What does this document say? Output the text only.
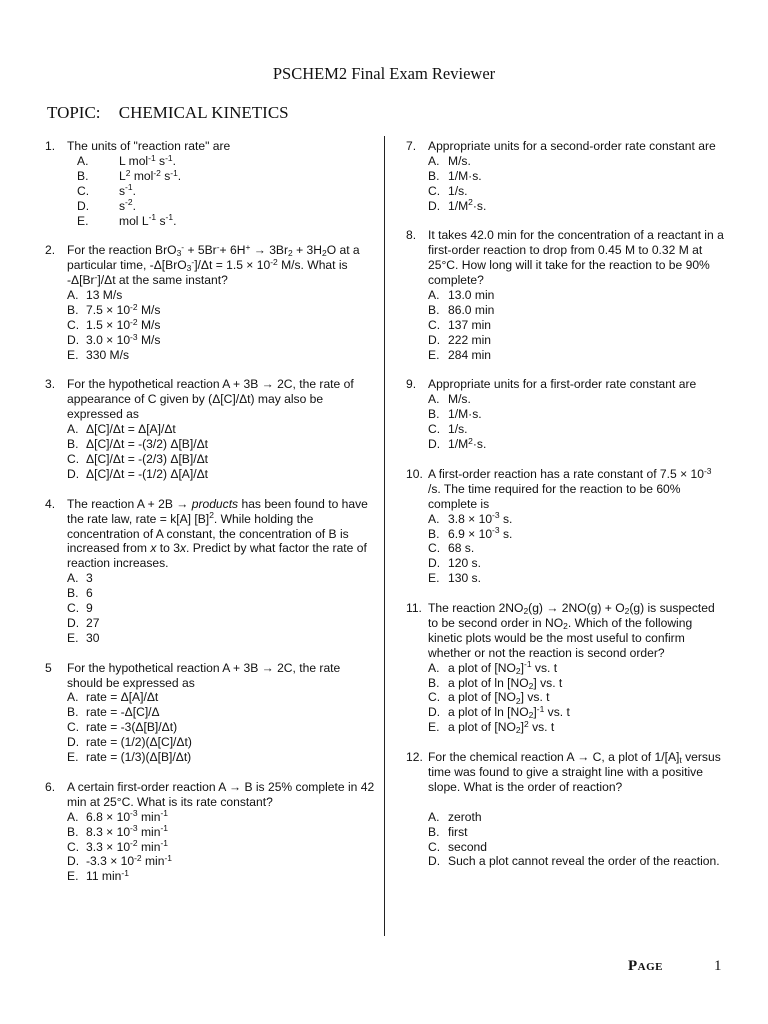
PSCHEM2 Final Exam Reviewer
TOPIC: CHEMICAL KINETICS
1. The units of "reaction rate" are
A.	L mol$^{-1}$ $s^{-1}$.
B.	$L^2$ mol$^{-2}$ $s^{-1}$.
C. $s^{-1}$.
D. $s^{-2}$.
E.	mol $L^{-1}$ $s^{-1}$.
2. For the reaction $BrO_3^- + 5Br^-+ 6H^+ \to 3Br_2 + 3H_2O$ at a particular time, $-\Delta[BrO_3^-]/\Delta t = 1.5 \times 10^{-2}$ M/s. What is -Δ[Br-]/Δt at the same instant?
A. 13 M/s
B. $7.5 \times 10^{-2}$ M/s
C. $1.5 \times 10^{-2}$ M/s
D. $3.0 \times 10^{-3}$ M/s
E. 330 M/s
3. For the hypothetical reaction A + 3B → 2C, the rate of appearance of C given by (Δ[C]/Δt) may also be expressed as
A. Δ[C]/Δt = Δ[A]/Δt
B. Δ[C]/Δt = -(3/2) Δ[B]/Δt
C. Δ[C]/Δt = -(2/3) Δ[B]/Δt
D. Δ[C]/Δt = -(1/2) Δ[A]/Δt
4. The reaction A + 2B → products has been found to have the rate law, rate = k[A] $[B]^2$. While holding the concentration of A constant, the concentration of B is increased from x to 3x. Predict by what factor the rate of reaction increases.
A. 3
B. 6
C. 9
D. 27
E. 30
5 For the hypothetical reaction A + 3B → 2C, the rate should be expressed as
A. rate = Δ[A]/Δt
B. rate = -Δ[C]/Δ
C. rate = -3(Δ[B]/Δt)
D. rate = (1/2)(Δ[C]/Δt)
E. rate = (1/3)(Δ[B]/Δt)
6. A certain first-order reaction A → B is 25% complete in 42 min at 25°C. What is its rate constant?
A. $6.8 \times 10^{-3}$ $\min^{-1}$
B. $8.3 \times 10^{-3}$ $\min^{-1}$
C. $3.3 \times 10^{-2}$ $\min^{-1}$
D. $-3.3 \times 10^{-2}$ $\min^{-1}$
E. 11 $\min^{-1}$
7. Appropriate units for a second-order rate constant are
A. M/s.
B. 1/M·s.
C. 1/s.
D. $1/M^2\cdot s$.
8. It takes 42.0 min for the concentration of a reactant in a first-order reaction to drop from 0.45 M to 0.32 M at 25°C. How long will it take for the reaction to be 90% complete?
A. 13.0 min
B. 86.0 min
C. 137 min
D. 222 min
E. 284 min
9. Appropriate units for a first-order rate constant are
A. M/s.
B. 1/M·s.
C. 1/s.
D. $1/M^2\cdot s$.
10. A first-order reaction has a rate constant of $7.5 \times 10^{-3}$ /s. The time required for the reaction to be 60% complete is
A. $3.8 \times 10^{-3}$ s.
B. $6.9 \times 10^{-3}$ s.
C. 68 s.
D. 120 s.
E. 130 s.
11. The reaction $2NO_2(g) \to 2NO(g) + O_2(g)$ is suspected to be second order in $NO_2$. Which of the following kinetic plots would be the most useful to confirm whether or not the reaction is second order?
A. a plot of $[NO_2]^{-1}$ vs. t
B. a plot of $\ln [NO_2]$ vs. t
C. a plot of $[NO_2]$ vs. t
D. a plot of $\ln [NO_2]^{-1}$ vs. t
E. a plot of $[NO_2]^2$ vs. t
12. For the chemical reaction A → C, a plot of $1/[A]_t$ versus time was found to give a straight line with a positive slope. What is the order of reaction?
A. zeroth
B. first
C. second
D. Such a plot cannot reveal the order of the reaction.
Page	1
